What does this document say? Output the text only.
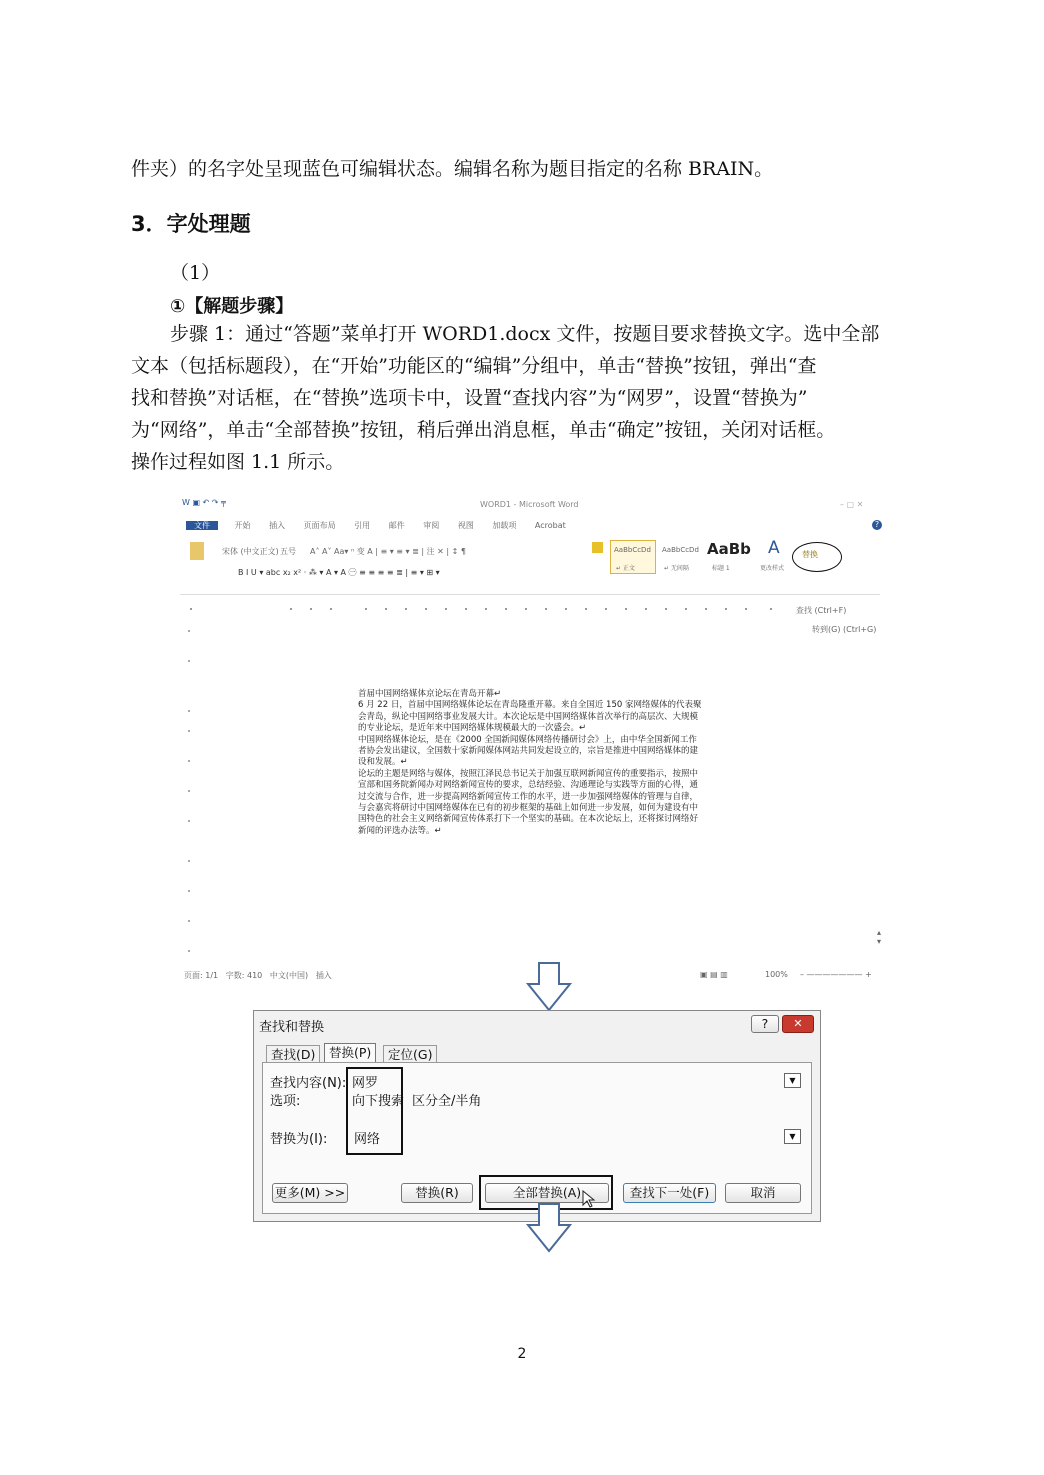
件夹）的名字处呈现蓝色可编辑状态。编辑名称为题目指定的名称 BRAIN。
3．字处理题
（1）
①【解题步骤】
步骤 1：通过“答题”菜单打开 WORD1.docx 文件，按题目要求替换文字。选中全部
文本（包括标题段），在“开始”功能区的“编辑”分组中，单击“替换”按钮，弹出“查
找和替换”对话框，在“替换”选项卡中，设置“查找内容”为“网罗”，设置“替换为”
为“网络”，单击“全部替换”按钮，稍后弹出消息框，单击“确定”按钮，关闭对话框。
操作过程如图 1.1 所示。
W ▣ ↶ ↷ ╤	WORD1 - Microsoft Word	– ▢ ✕
文件	开始 插入 页面布局 引用 邮件 审阅 视图 加载项 Acrobat	?
宋体 (中文正文) 五号 A˄ A˅ Aa▾ ⁿ 变 A | ≡ ▾ ≡ ▾ ≣ | 注 ✕ | ↕ ¶	AaBbCcDd AaBbCcDd AaBb A
↵ 正文	↵ 无间隔	标题 1	更改样式
替换
B I U ▾ abc x₂ x² · ⁂ ▾ A ▾ A ㊀ ≡ ≡ ≡ ≡ ≣ | ≡ ▾ ⊞ ▾
查找 (Ctrl+F)
转到(G) (Ctrl+G)
首届中国网络媒体京论坛在青岛开幕↵
6 月 22 日，首届中国网络媒体论坛在青岛隆重开幕。来自全国近 150 家网络媒体的代表聚
会青岛，纵论中国网络事业发展大计。本次论坛是中国网络媒体首次举行的高层次、大规模
的专业论坛，是近年来中国网络媒体规模最大的一次盛会。↵
中国网络媒体论坛，是在《2000 全国新闻媒体网络传播研讨会》上，由中华全国新闻工作
者协会发出建议，全国数十家新闻媒体网站共同发起设立的，宗旨是推进中国网络媒体的建
设和发展。↵
论坛的主题是网络与媒体，按照江泽民总书记关于加强互联网新闻宣传的重要指示，按照中
宣部和国务院新闻办对网络新闻宣传的要求，总结经验、沟通理论与实践等方面的心得，通
过交流与合作，进一步提高网络新闻宣传工作的水平，进一步加强网络媒体的管理与自律，
与会嘉宾将研讨中国网络媒体在已有的初步框架的基础上如何进一步发展，如何为建设有中
国特色的社会主义网络新闻宣传体系打下一个坚实的基础。在本次论坛上，还将探讨网络好
新闻的评选办法等。↵
▴
▾
页面: 1/1 字数: 410 中文(中国) 插入	▣ ▤ ▥	100% – ——————— +
查找和替换	?	✕
查找(D)	替换(P)	定位(G)
查找内容(N): 网罗	▼
选项:	向下搜索 区分全/半角
替换为(I): 网络	▼
更多(M) >>	替换(R)	全部替换(A)	查找下一处(F)	取消
2
